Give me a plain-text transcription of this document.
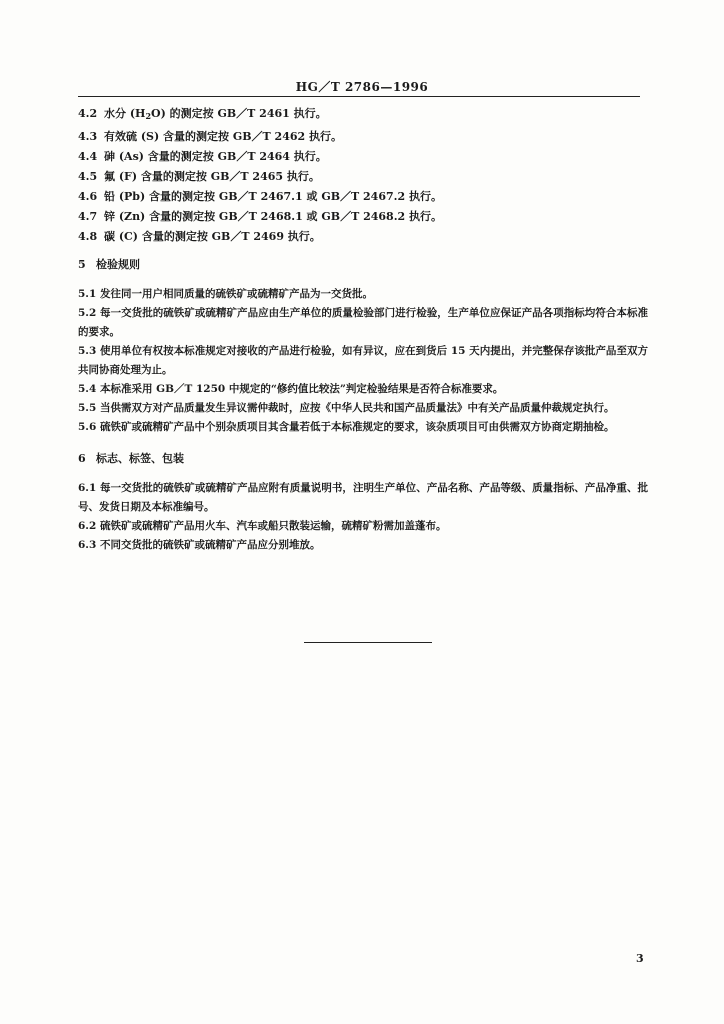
HG／T 2786—1996
4.2 水分 $(H_2O)$ 的测定按 GB／T 2461 执行。
4.3 有效硫 (S) 含量的测定按 GB／T 2462 执行。
4.4 砷 (As) 含量的测定按 GB／T 2464 执行。
4.5 氟 (F) 含量的测定按 GB／T 2465 执行。
4.6 铅 (Pb) 含量的测定按 GB／T 2467.1 或 GB／T 2467.2 执行。
4.7 锌 (Zn) 含量的测定按 GB／T 2468.1 或 GB／T 2468.2 执行。
4.8 碳 (C) 含量的测定按 GB／T 2469 执行。
5 检验规则

5.1 发往同一用户相同质量的硫铁矿或硫精矿产品为一交货批。

5.2 每一交货批的硫铁矿或硫精矿产品应由生产单位的质量检验部门进行检验，生产单位应保证产品各项指标均符合本标准的要求。

5.3 使用单位有权按本标准规定对接收的产品进行检验，如有异议，应在到货后 15 天内提出，并完整保存该批产品至双方共同协商处理为止。

5.4 本标准采用 GB／T 1250 中规定的“修约值比较法”判定检验结果是否符合标准要求。

5.5 当供需双方对产品质量发生异议需仲裁时，应按《中华人民共和国产品质量法》中有关产品质量仲裁规定执行。

5.6 硫铁矿或硫精矿产品中个别杂质项目其含量若低于本标准规定的要求，该杂质项目可由供需双方协商定期抽检。

6 标志、标签、包装

6.1 每一交货批的硫铁矿或硫精矿产品应附有质量说明书，注明生产单位、产品名称、产品等级、质量指标、产品净重、批号、发货日期及本标准编号。

6.2 硫铁矿或硫精矿产品用火车、汽车或船只散装运输，硫精矿粉需加盖蓬布。

6.3 不同交货批的硫铁矿或硫精矿产品应分别堆放。

3
